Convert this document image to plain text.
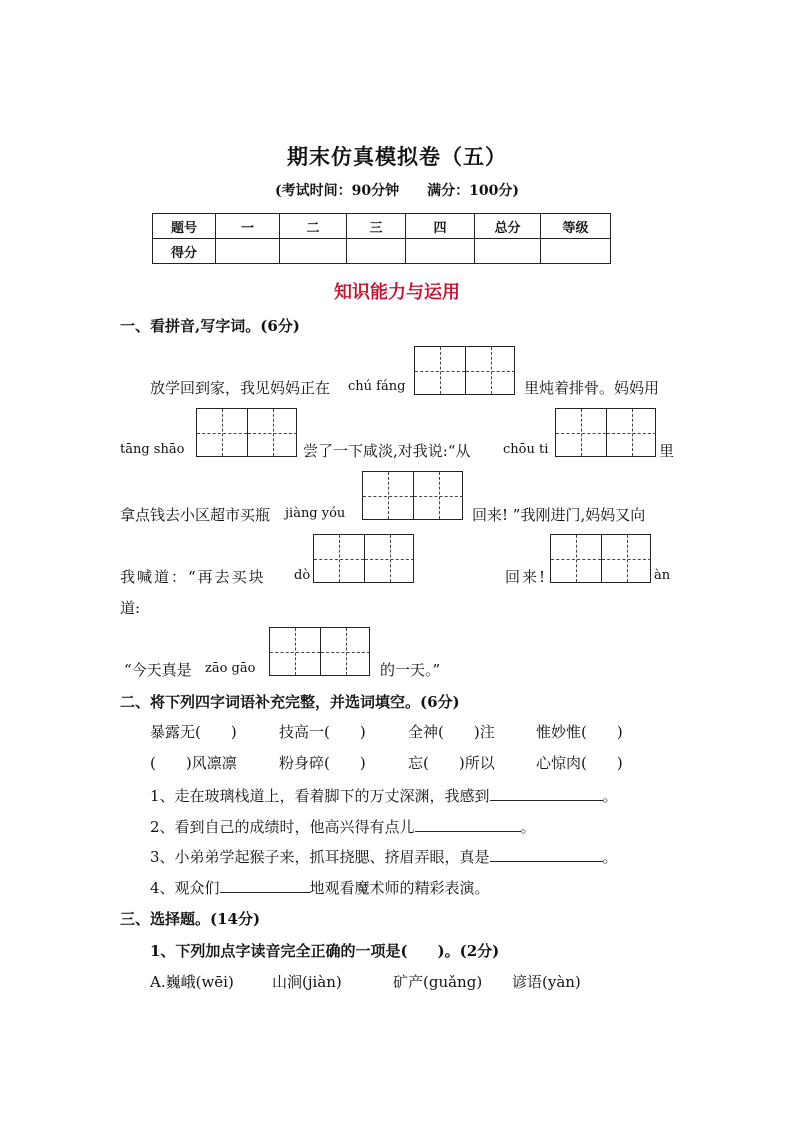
期末仿真模拟卷（五）
(考试时间：90分钟 满分：100分)
题号	一	二	三	四	总分	等级
得分						
知识能力与运用
一、看拼音,写字词。(6分)
放学回到家，我见妈妈正在 chú fáng	里炖着排骨。妈妈用
tāng shāo	尝了一下咸淡,对我说:“从	chōu ti	里
拿点钱去小区超市买瓶 jiàng yóu	回来! ”我刚进门,妈妈又向
我喊道：“再去买块 dò	回来!	àn
道:
“今天真是 zāo gāo	的一天。”
二、将下列四字词语补充完整，并选词填空。(6分)
暴露无(　　)	技高一(　　)	全神(　　)注	惟妙惟(　　)
(　　)风凛凛	粉身碎(　　)	忘(　　)所以	心惊肉(　　)
1、走在玻璃栈道上，看着脚下的万丈深渊，我感到	。
2、看到自己的成绩时，他高兴得有点儿	。
3、小弟弟学起猴子来，抓耳挠腮、挤眉弄眼，真是	。
4、观众们	地观看魔术师的精彩表演。
三、选择题。(14分)
1、下列加点字读音完全正确的一项是(　　)。(2分)
A.巍峨(wēi)	山涧(jiàn)	矿产(guǎng) 谚语(yàn)
